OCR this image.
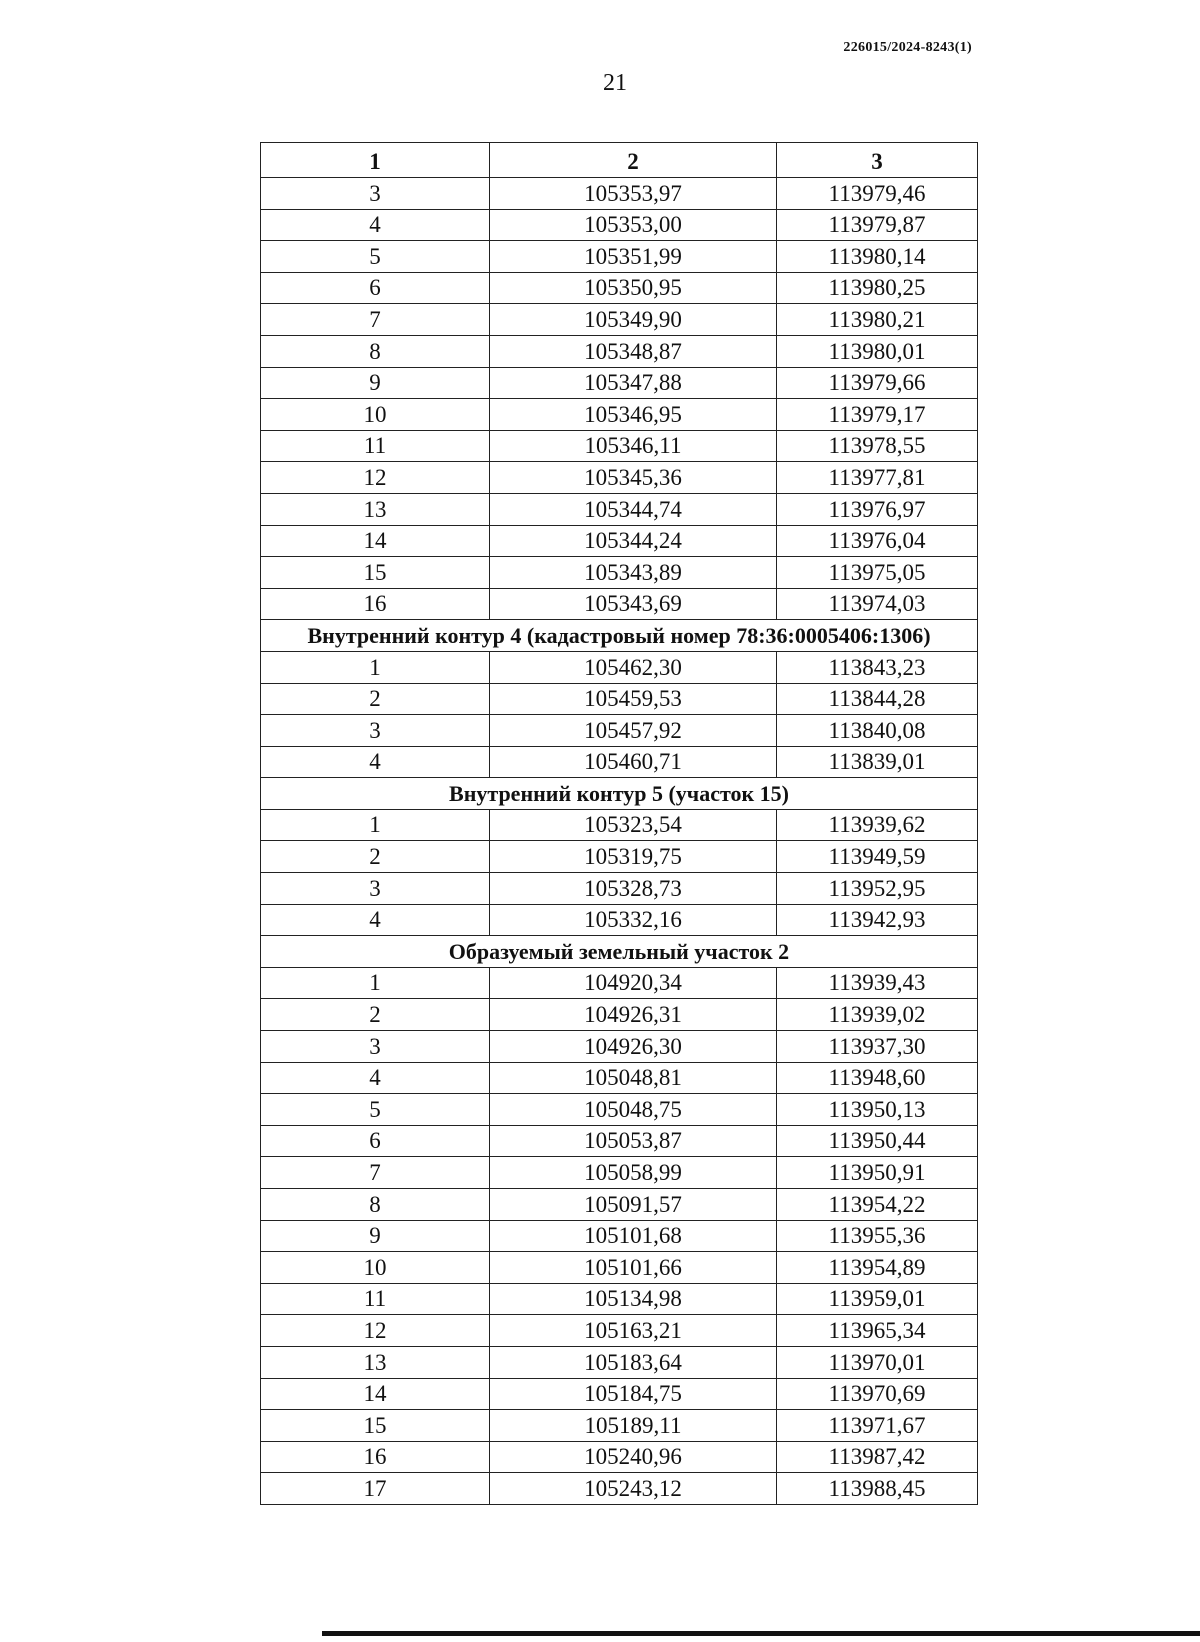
226015/2024-8243(1)
21
1	2	3
3	105353,97	113979,46
4	105353,00	113979,87
5	105351,99	113980,14
6	105350,95	113980,25
7	105349,90	113980,21
8	105348,87	113980,01
9	105347,88	113979,66
10	105346,95	113979,17
11	105346,11	113978,55
12	105345,36	113977,81
13	105344,74	113976,97
14	105344,24	113976,04
15	105343,89	113975,05
16	105343,69	113974,03
Внутренний контур 4 (кадастровый номер 78:36:0005406:1306)		
1	105462,30	113843,23
2	105459,53	113844,28
3	105457,92	113840,08
4	105460,71	113839,01
Внутренний контур 5 (участок 15)		
1	105323,54	113939,62
2	105319,75	113949,59
3	105328,73	113952,95
4	105332,16	113942,93
Образуемый земельный участок 2		
1	104920,34	113939,43
2	104926,31	113939,02
3	104926,30	113937,30
4	105048,81	113948,60
5	105048,75	113950,13
6	105053,87	113950,44
7	105058,99	113950,91
8	105091,57	113954,22
9	105101,68	113955,36
10	105101,66	113954,89
11	105134,98	113959,01
12	105163,21	113965,34
13	105183,64	113970,01
14	105184,75	113970,69
15	105189,11	113971,67
16	105240,96	113987,42
17	105243,12	113988,45
